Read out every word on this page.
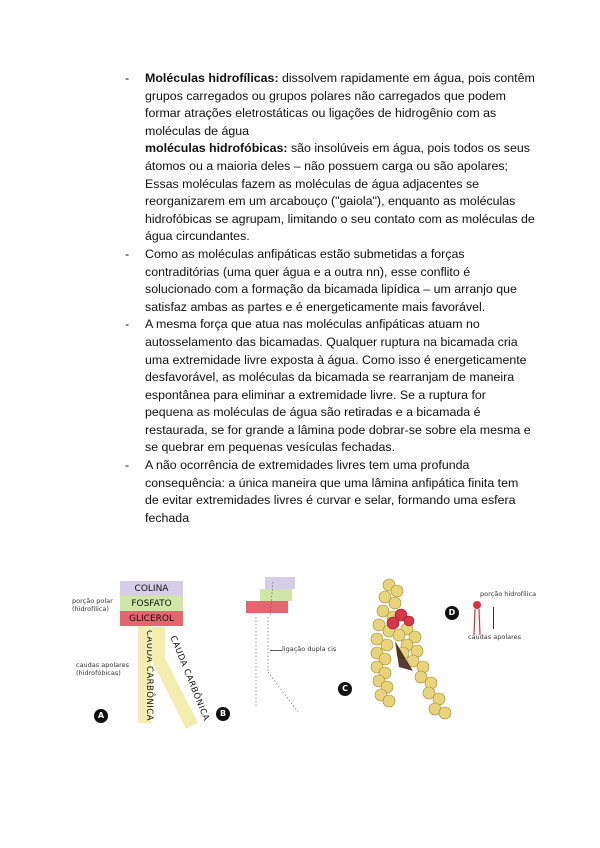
- Moléculas hidrofílicas: dissolvem rapidamente em água, pois contêm grupos carregados ou grupos polares não carregados que podem formar atrações eletrostáticas ou ligações de hidrogênio com as moléculas de água

moléculas hidrofóbicas: são insolúveis em água, pois todos os seus átomos ou a maioria deles – não possuem carga ou são apolares; Essas moléculas fazem as moléculas de água adjacentes se reorganizarem em um arcabouço ("gaiola"), enquanto as moléculas hidrofóbicas se agrupam, limitando o seu contato com as moléculas de água circundantes.

- Como as moléculas anfipáticas estão submetidas a forças contraditórias (uma quer água e a outra nn), esse conflito é solucionado com a formação da bicamada lipídica – um arranjo que satisfaz ambas as partes e é energeticamente mais favorável.

- A mesma força que atua nas moléculas anfipáticas atuam no autosselamento das bicamadas. Qualquer ruptura na bicamada cria uma extremidade livre exposta à água. Como isso é energeticamente desfavorável, as moléculas da bicamada se rearranjam de maneira espontânea para eliminar a extremidade livre. Se a ruptura for pequena as moléculas de água são retiradas e a bicamada é restaurada, se for grande a lâmina pode dobrar-se sobre ela mesma e se quebrar em pequenas vesículas fechadas.

- A não ocorrência de extremidades livres tem uma profunda consequência: a única maneira que uma lâmina anfipática finita tem de evitar extremidades livres é curvar e selar, formando uma esfera fechada

COLINA
FOSFATO
GLICEROL
porção polar
(hidrofílica)
caudas apolares
(hidrofóbicas)	CAUDA CARBÔNICA CAUDA CARBÔNICA
A
ligação dupla cis
B
C
D
porção hidrofílica
caudas apolares
